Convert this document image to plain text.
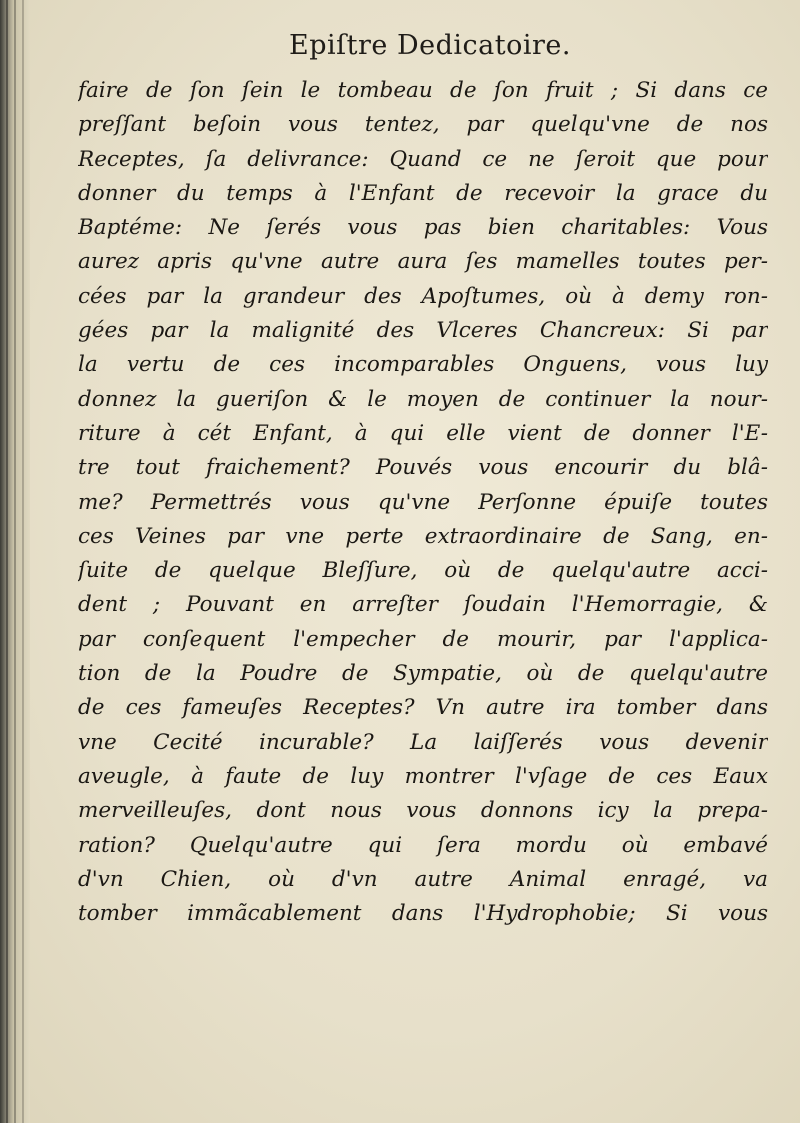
Epiſtre Dedicatoire.
faire de ſon ſein le tombeau de ſon fruit ; Si dans ce
preſſant beſoin vous tentez, par quelqu'vne de nos
Receptes, ſa delivrance: Quand ce ne ſeroit que pour
donner du temps à l'Enfant de recevoir la grace du
Baptéme: Ne ſerés vous pas bien charitables: Vous
aurez apris qu'vne autre aura ſes mamelles toutes per-
cées par la grandeur des Apoſtumes, où à demy ron-
gées par la malignité des Vlceres Chancreux: Si par
la vertu de ces incomparables Onguens, vous luy
donnez la gueriſon & le moyen de continuer la nour-
riture à cét Enfant, à qui elle vient de donner l'E-
tre tout fraichement? Pouvés vous encourir du blâ-
me? Permettrés vous qu'vne Perſonne épuiſe toutes
ces Veines par vne perte extraordinaire de Sang, en-
ſuite de quelque Bleſſure, où de quelqu'autre acci-
dent ; Pouvant en arreſter ſoudain l'Hemorragie, &
par conſequent l'empecher de mourir, par l'applica-
tion de la Poudre de Sympatie, où de quelqu'autre
de ces fameuſes Receptes? Vn autre ira tomber dans
vne Cecité incurable? La laiſſerés vous devenir
aveugle, à faute de luy montrer l'vſage de ces Eaux
merveilleuſes, dont nous vous donnons icy la prepa-
ration? Quelqu'autre qui ſera mordu où embavé
d'vn Chien, où d'vn autre Animal enragé, va
tomber immãcablement dans l'Hydrophobie; Si vous
